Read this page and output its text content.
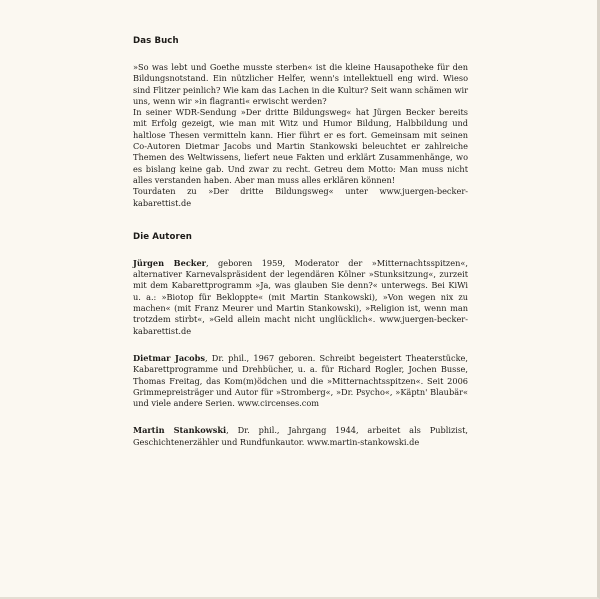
Das Buch

»So was lebt und Goethe musste sterben« ist die kleine Hausapotheke für den Bildungsnotstand. Ein nützlicher Helfer, wenn's intellektuell eng wird. Wieso sind Flitzer peinlich? Wie kam das Lachen in die Kultur? Seit wann schämen wir uns, wenn wir »in flagranti« erwischt werden?

In seiner WDR-Sendung »Der dritte Bildungsweg« hat Jürgen Becker bereits mit Erfolg gezeigt, wie man mit Witz und Humor Bildung, Halbbildung und haltlose Thesen vermitteln kann. Hier führt er es fort. Gemeinsam mit seinen Co-Autoren Dietmar Jacobs und Martin Stankowski beleuchtet er zahlreiche Themen des Weltwissens, liefert neue Fakten und erklärt Zusammenhänge, wo es bislang keine gab. Und zwar zu recht. Getreu dem Motto: Man muss nicht alles verstanden haben. Aber man muss alles erklären können!

Tourdaten zu »Der dritte Bildungsweg« unter www.juergen-becker-kabarettist.de

Die Autoren

Jürgen Becker, geboren 1959, Moderator der »Mitternachtsspitzen«, alternativer Karnevalspräsident der legendären Kölner »Stunksitzung«, zurzeit mit dem Kabarettprogramm »Ja, was glauben Sie denn?« unterwegs. Bei KiWi u. a.: »Biotop für Bekloppte« (mit Martin Stankowski), »Von wegen nix zu machen« (mit Franz Meurer und Martin Stankowski), »Religion ist, wenn man trotzdem stirbt«, »Geld allein macht nicht unglücklich«. www.juergen-becker-kabarettist.de

Dietmar Jacobs, Dr. phil., 1967 geboren. Schreibt begeistert Theaterstücke, Kabarettprogramme und Drehbücher, u. a. für Richard Rogler, Jochen Busse, Thomas Freitag, das Kom(m)ödchen und die »Mitternachtsspitzen«. Seit 2006 Grimmepreisträger und Autor für »Stromberg«, »Dr. Psycho«, »Käptn' Blaubär« und viele andere Serien. www.circenses.com

Martin Stankowski, Dr. phil., Jahrgang 1944, arbeitet als Publizist, Geschichtenerzähler und Rundfunkautor. www.martin-stankowski.de
